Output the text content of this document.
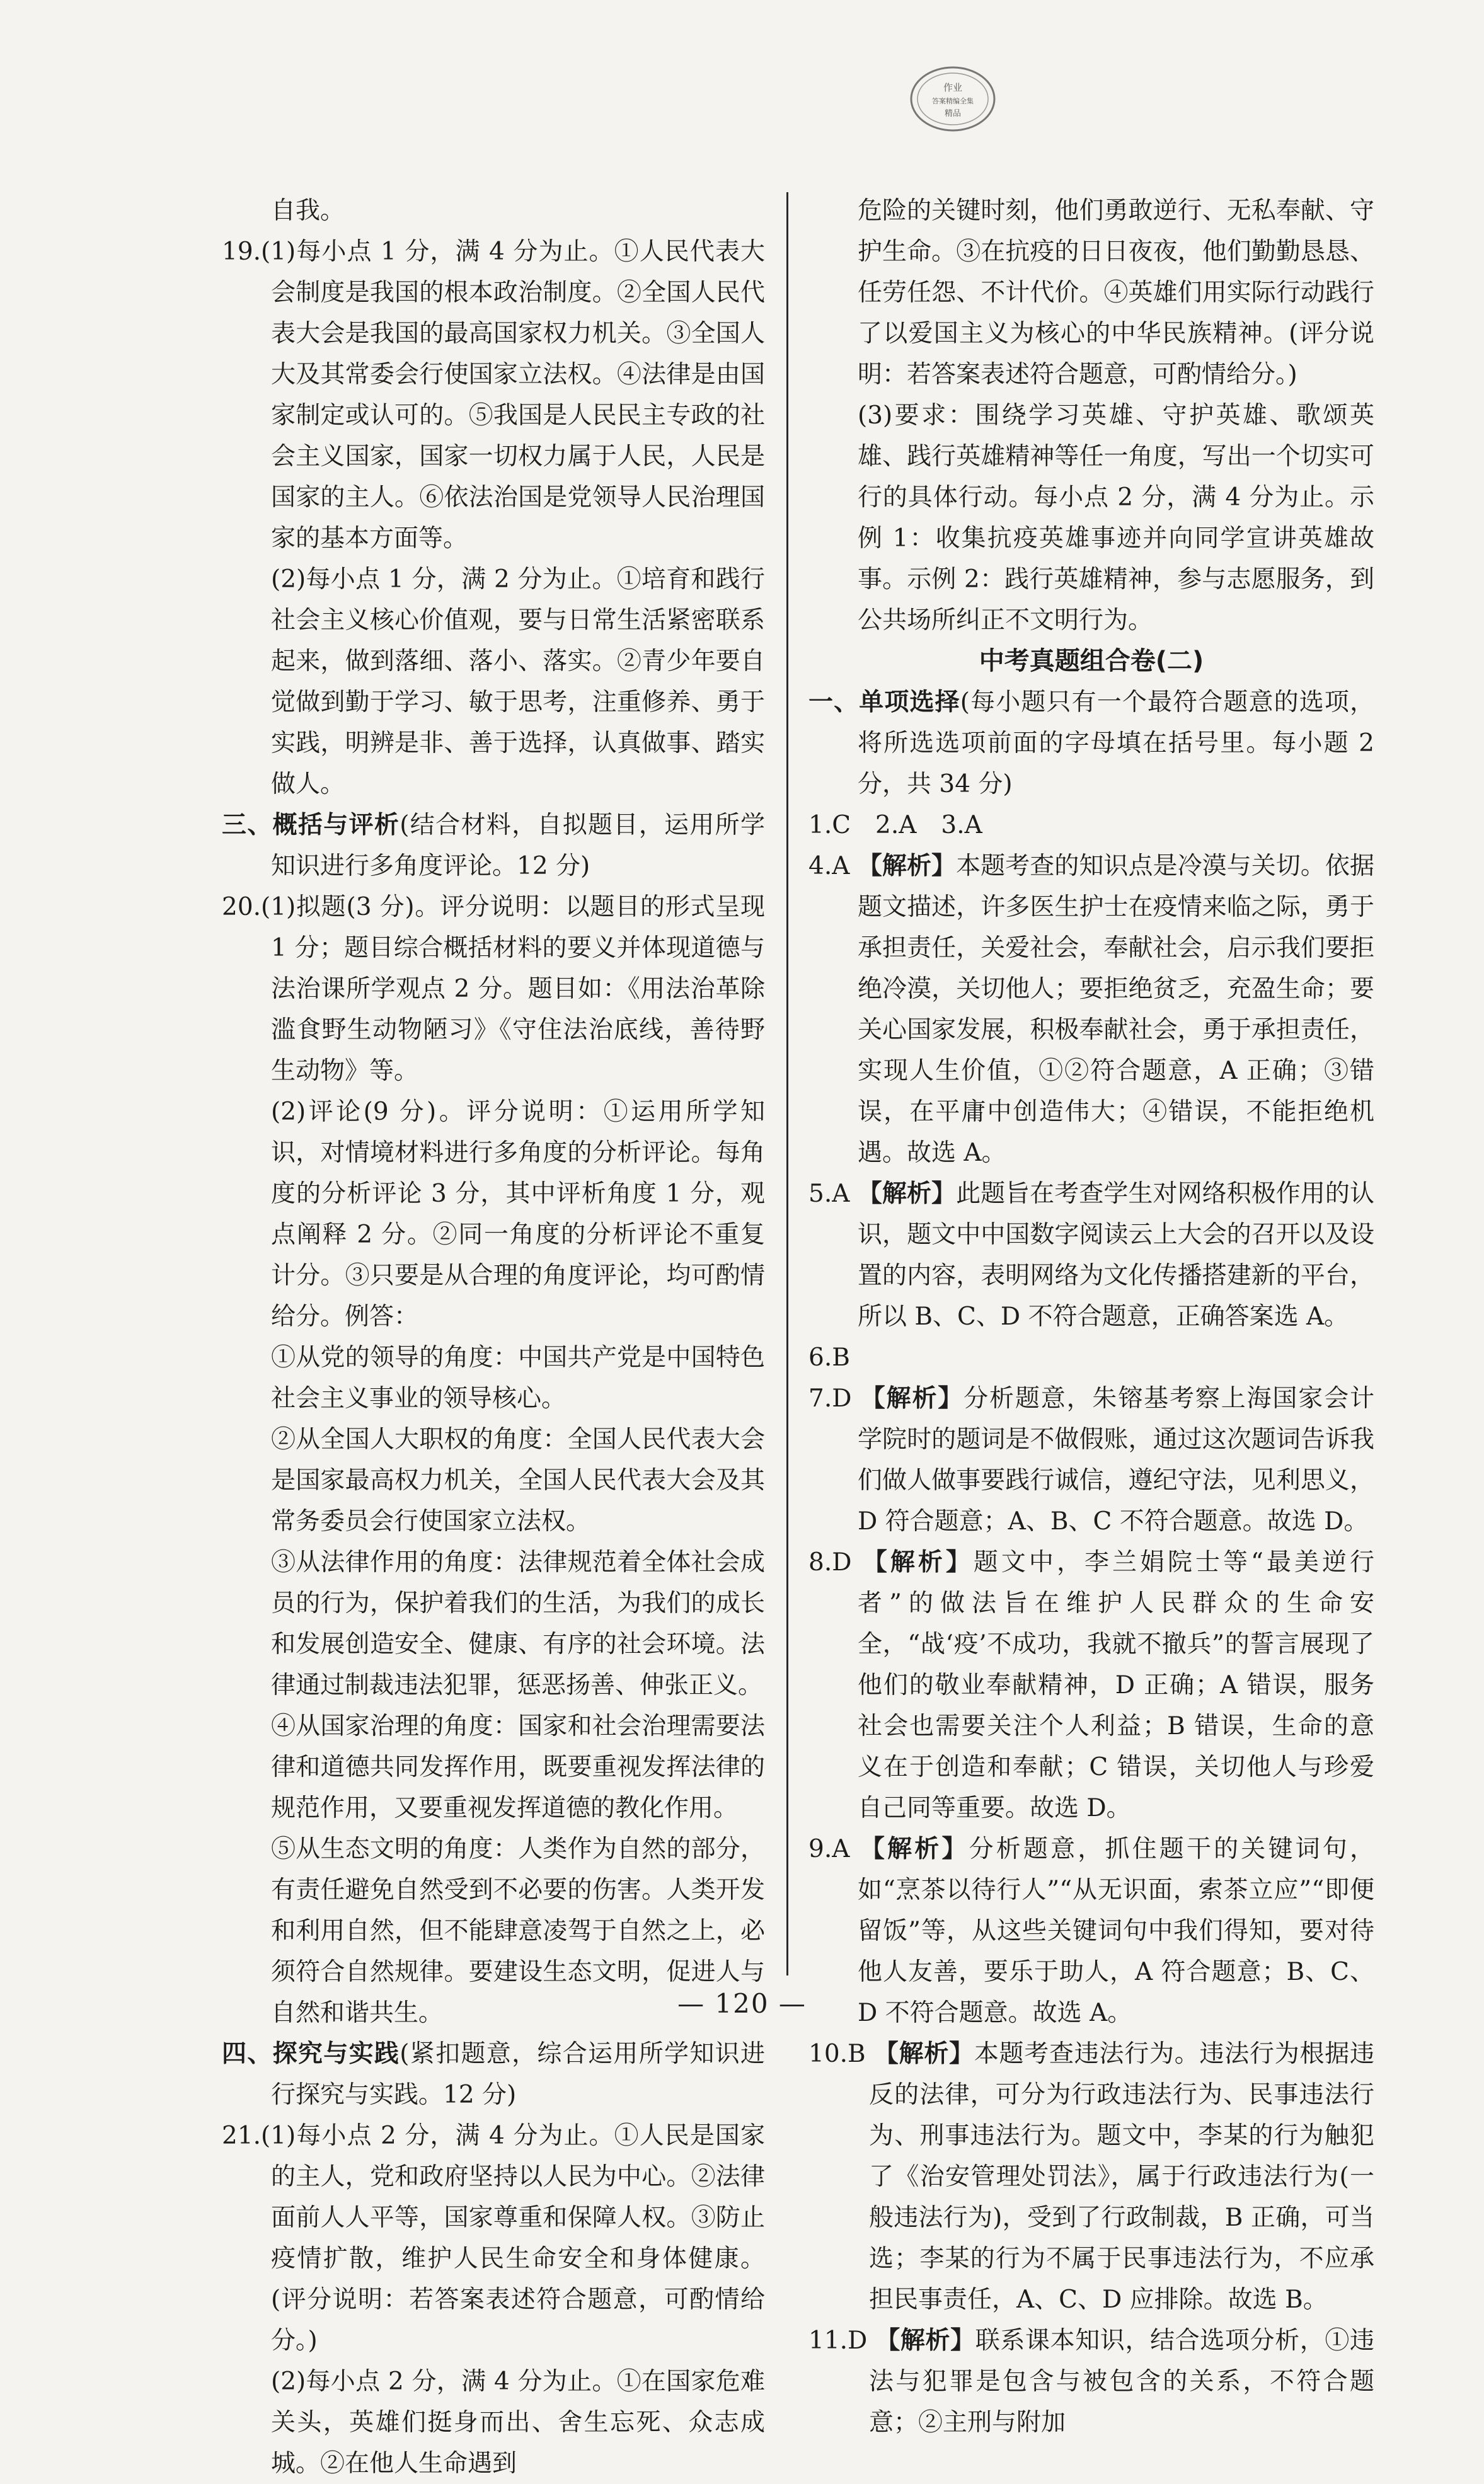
作业
答案精编全集
精品

自我。

19.(1)每小点 1 分，满 4 分为止。①人民代表大会制度是我国的根本政治制度。②全国人民代表大会是我国的最高国家权力机关。③全国人大及其常委会行使国家立法权。④法律是由国家制定或认可的。⑤我国是人民民主专政的社会主义国家，国家一切权力属于人民，人民是国家的主人。⑥依法治国是党领导人民治理国家的基本方面等。

(2)每小点 1 分，满 2 分为止。①培育和践行社会主义核心价值观，要与日常生活紧密联系起来，做到落细、落小、落实。②青少年要自觉做到勤于学习、敏于思考，注重修养、勇于实践，明辨是非、善于选择，认真做事、踏实做人。

三、概括与评析(结合材料，自拟题目，运用所学知识进行多角度评论。12 分)

20.(1)拟题(3 分)。评分说明：以题目的形式呈现 1 分；题目综合概括材料的要义并体现道德与法治课所学观点 2 分。题目如：《用法治革除滥食野生动物陋习》《守住法治底线，善待野生动物》等。

(2)评论(9 分)。评分说明：①运用所学知识，对情境材料进行多角度的分析评论。每角度的分析评论 3 分，其中评析角度 1 分，观点阐释 2 分。②同一角度的分析评论不重复计分。③只要是从合理的角度评论，均可酌情给分。例答：

①从党的领导的角度：中国共产党是中国特色社会主义事业的领导核心。

②从全国人大职权的角度：全国人民代表大会是国家最高权力机关，全国人民代表大会及其常务委员会行使国家立法权。

③从法律作用的角度：法律规范着全体社会成员的行为，保护着我们的生活，为我们的成长和发展创造安全、健康、有序的社会环境。法律通过制裁违法犯罪，惩恶扬善、伸张正义。

④从国家治理的角度：国家和社会治理需要法律和道德共同发挥作用，既要重视发挥法律的规范作用，又要重视发挥道德的教化作用。

⑤从生态文明的角度：人类作为自然的部分，有责任避免自然受到不必要的伤害。人类开发和利用自然，但不能肆意凌驾于自然之上，必须符合自然规律。要建设生态文明，促进人与自然和谐共生。

四、探究与实践(紧扣题意，综合运用所学知识进行探究与实践。12 分)

21.(1)每小点 2 分，满 4 分为止。①人民是国家的主人，党和政府坚持以人民为中心。②法律面前人人平等，国家尊重和保障人权。③防止疫情扩散，维护人民生命安全和身体健康。(评分说明：若答案表述符合题意，可酌情给分。)

(2)每小点 2 分，满 4 分为止。①在国家危难关头，英雄们挺身而出、舍生忘死、众志成城。②在他人生命遇到

危险的关键时刻，他们勇敢逆行、无私奉献、守护生命。③在抗疫的日日夜夜，他们勤勤恳恳、任劳任怨、不计代价。④英雄们用实际行动践行了以爱国主义为核心的中华民族精神。(评分说明：若答案表述符合题意，可酌情给分。)

(3)要求：围绕学习英雄、守护英雄、歌颂英雄、践行英雄精神等任一角度，写出一个切实可行的具体行动。每小点 2 分，满 4 分为止。示例 1：收集抗疫英雄事迹并向同学宣讲英雄故事。示例 2：践行英雄精神，参与志愿服务，到公共场所纠正不文明行为。

中考真题组合卷(二)

一、单项选择(每小题只有一个最符合题意的选项，将所选选项前面的字母填在括号里。每小题 2 分，共 34 分)

1.C　2.A　3.A

4.A 【解析】本题考查的知识点是冷漠与关切。依据题文描述，许多医生护士在疫情来临之际，勇于承担责任，关爱社会，奉献社会，启示我们要拒绝冷漠，关切他人；要拒绝贫乏，充盈生命；要关心国家发展，积极奉献社会，勇于承担责任，实现人生价值，①②符合题意，A 正确；③错误，在平庸中创造伟大；④错误，不能拒绝机遇。故选 A。

5.A 【解析】此题旨在考查学生对网络积极作用的认识，题文中中国数字阅读云上大会的召开以及设置的内容，表明网络为文化传播搭建新的平台，所以 B、C、D 不符合题意，正确答案选 A。

6.B

7.D 【解析】分析题意，朱镕基考察上海国家会计学院时的题词是不做假账，通过这次题词告诉我们做人做事要践行诚信，遵纪守法，见利思义，D 符合题意；A、B、C 不符合题意。故选 D。

8.D 【解析】题文中，李兰娟院士等“最美逆行者”的做法旨在维护人民群众的生命安全，“战‘疫’不成功，我就不撤兵”的誓言展现了他们的敬业奉献精神，D 正确；A 错误，服务社会也需要关注个人利益；B 错误，生命的意义在于创造和奉献；C 错误，关切他人与珍爱自己同等重要。故选 D。

9.A 【解析】分析题意，抓住题干的关键词句，如“烹茶以待行人”“从无识面，索茶立应”“即便留饭”等，从这些关键词句中我们得知，要对待他人友善，要乐于助人，A 符合题意；B、C、D 不符合题意。故选 A。

10.B 【解析】本题考查违法行为。违法行为根据违反的法律，可分为行政违法行为、民事违法行为、刑事违法行为。题文中，李某的行为触犯了《治安管理处罚法》，属于行政违法行为(一般违法行为)，受到了行政制裁，B 正确，可当选；李某的行为不属于民事违法行为，不应承担民事责任，A、C、D 应排除。故选 B。

11.D 【解析】联系课本知识，结合选项分析，①违法与犯罪是包含与被包含的关系，不符合题意；②主刑与附加

— 120 —
